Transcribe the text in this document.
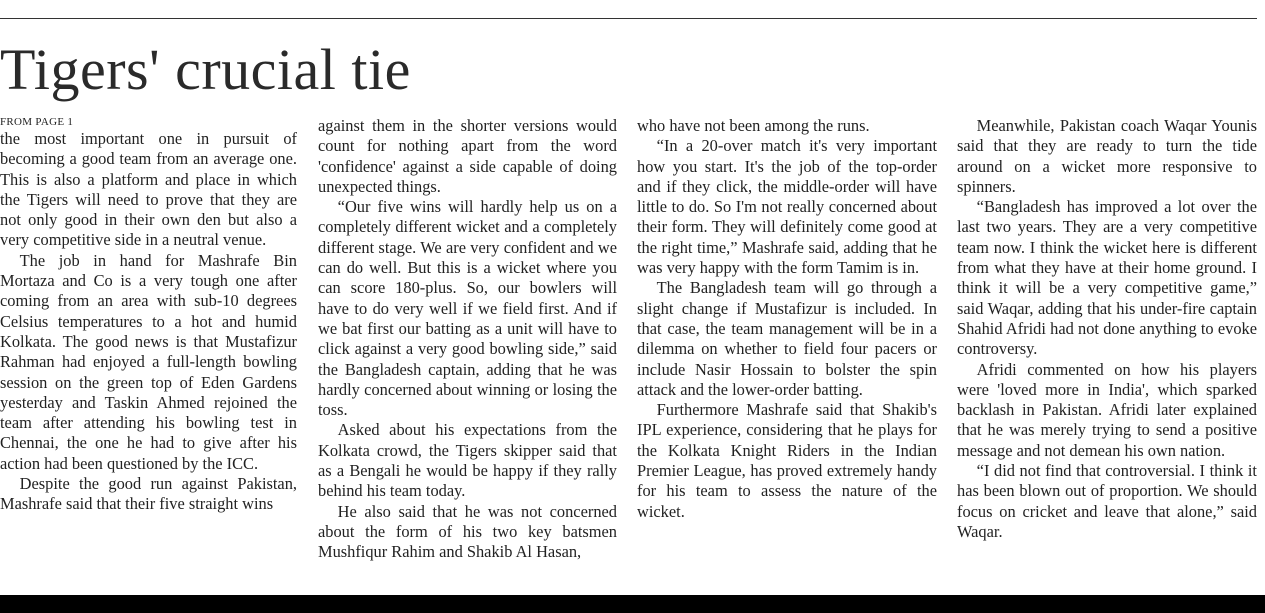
Tigers' crucial tie
FROM PAGE 1

the most important one in pursuit of becoming a good team from an average one. This is also a platform and place in which the Tigers will need to prove that they are not only good in their own den but also a very competitive side in a neutral venue.

The job in hand for Mashrafe Bin Mortaza and Co is a very tough one after coming from an area with sub-10 degrees Celsius temperatures to a hot and humid Kolkata. The good news is that Mustafizur Rahman had enjoyed a full-length bowling session on the green top of Eden Gardens yesterday and Taskin Ahmed rejoined the team after attending his bowling test in Chennai, the one he had to give after his action had been questioned by the ICC.

Despite the good run against Pakistan, Mashrafe said that their five straight wins

against them in the shorter versions would count for nothing apart from the word 'confidence' against a side capable of doing unexpected things.

“Our five wins will hardly help us on a completely different wicket and a completely different stage. We are very confident and we can do well. But this is a wicket where you can score 180-plus. So, our bowlers will have to do very well if we field first. And if we bat first our batting as a unit will have to click against a very good bowling side,” said the Bangladesh captain, adding that he was hardly concerned about winning or losing the toss.

Asked about his expectations from the Kolkata crowd, the Tigers skipper said that as a Bengali he would be happy if they rally behind his team today.

He also said that he was not concerned about the form of his two key batsmen Mushfiqur Rahim and Shakib Al Hasan,

who have not been among the runs.

“In a 20-over match it's very important how you start. It's the job of the top-order and if they click, the middle-order will have little to do. So I'm not really concerned about their form. They will definitely come good at the right time,” Mashrafe said, adding that he was very happy with the form Tamim is in.

The Bangladesh team will go through a slight change if Mustafizur is included. In that case, the team management will be in a dilemma on whether to field four pacers or include Nasir Hossain to bolster the spin attack and the lower-order batting.

Furthermore Mashrafe said that Shakib's IPL experience, considering that he plays for the Kolkata Knight Riders in the Indian Premier League, has proved extremely handy for his team to assess the nature of the wicket.

Meanwhile, Pakistan coach Waqar Younis said that they are ready to turn the tide around on a wicket more responsive to spinners.

“Bangladesh has improved a lot over the last two years. They are a very competitive team now. I think the wicket here is different from what they have at their home ground. I think it will be a very competitive game,” said Waqar, adding that his under-fire captain Shahid Afridi had not done anything to evoke controversy.

Afridi commented on how his players were 'loved more in India', which sparked backlash in Pakistan. Afridi later explained that he was merely trying to send a positive message and not demean his own nation.

“I did not find that controversial. I think it has been blown out of proportion. We should focus on cricket and leave that alone,” said Waqar.
